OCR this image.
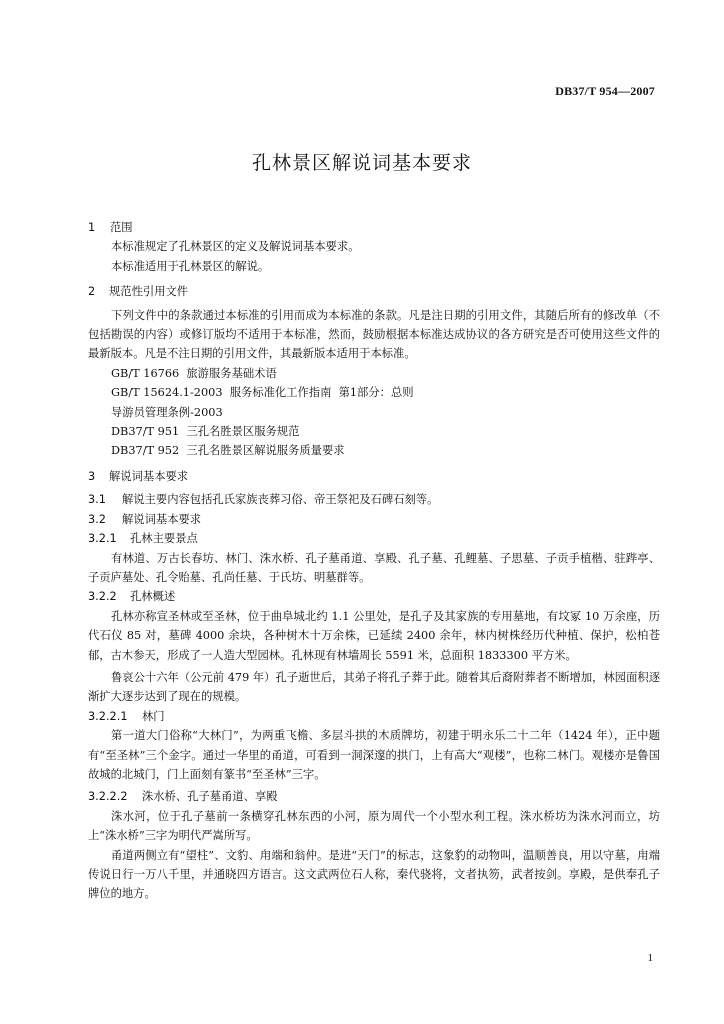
DB37/T 954—2007
孔林景区解说词基本要求
1 范围

本标准规定了孔林景区的定义及解说词基本要求。

本标准适用于孔林景区的解说。

2 规范性引用文件

下列文件中的条款通过本标准的引用而成为本标准的条款。凡是注日期的引用文件，其随后所有的修改单（不包括勘误的内容）或修订版均不适用于本标准，然而，鼓励根据本标准达成协议的各方研究是否可使用这些文件的最新版本。凡是不注日期的引用文件，其最新版本适用于本标准。

GB/T 16766  旅游服务基础术语
GB/T 15624.1-2003  服务标准化工作指南  第1部分：总则
导游员管理条例-2003
DB37/T 951  三孔名胜景区服务规范
DB37/T 952  三孔名胜景区解说服务质量要求
3 解说词基本要求
3.1 解说主要内容包括孔氏家族丧葬习俗、帝王祭祀及石碑石刻等。
3.2 解说词基本要求
3.2.1 孔林主要景点

有林道、万古长春坊、林门、洙水桥、孔子墓甬道、享殿、孔子墓、孔鲤墓、子思墓、子贡手植楷、驻跸亭、子贡庐墓处、孔令贻墓、孔尚任墓、于氏坊、明墓群等。

3.2.2 孔林概述

孔林亦称宣圣林或至圣林，位于曲阜城北约 1.1 公里处，是孔子及其家族的专用墓地，有坟冢 10 万余座，历代石仪 85 对，墓碑 4000 余块，各种树木十万余株，已延续 2400 余年，林内树株经历代种植、保护，松柏苍郁，古木参天，形成了一人造大型园林。孔林现有林墙周长 5591 米，总面积 1833300 平方米。

鲁哀公十六年（公元前 479 年）孔子逝世后，其弟子将孔子葬于此。随着其后裔附葬者不断增加，林园面积逐渐扩大逐步达到了现在的规模。

3.2.2.1 林门

第一道大门俗称“大林门”，为两重飞檐、多层斗拱的木质牌坊，初建于明永乐二十二年（1424 年），正中题有“至圣林”三个金字。通过一华里的甬道，可看到一洞深邃的拱门，上有高大“观楼”，也称二林门。观楼亦是鲁国故城的北城门，门上面刻有篆书“至圣林”三字。

3.2.2.2 洙水桥、孔子墓甬道、享殿

洙水河，位于孔子墓前一条横穿孔林东西的小河，原为周代一个小型水利工程。洙水桥坊为洙水河而立，坊上“洙水桥”三字为明代严嵩所写。

甬道两侧立有“望柱”、文豹、甪端和翁仲。是进“天门”的标志，这象豹的动物叫，温顺善良，用以守墓，甪端传说日行一万八千里，并通晓四方语言。这文武两位石人称，秦代骁将，文者执笏，武者按剑。享殿，是供奉孔子牌位的地方。

1
